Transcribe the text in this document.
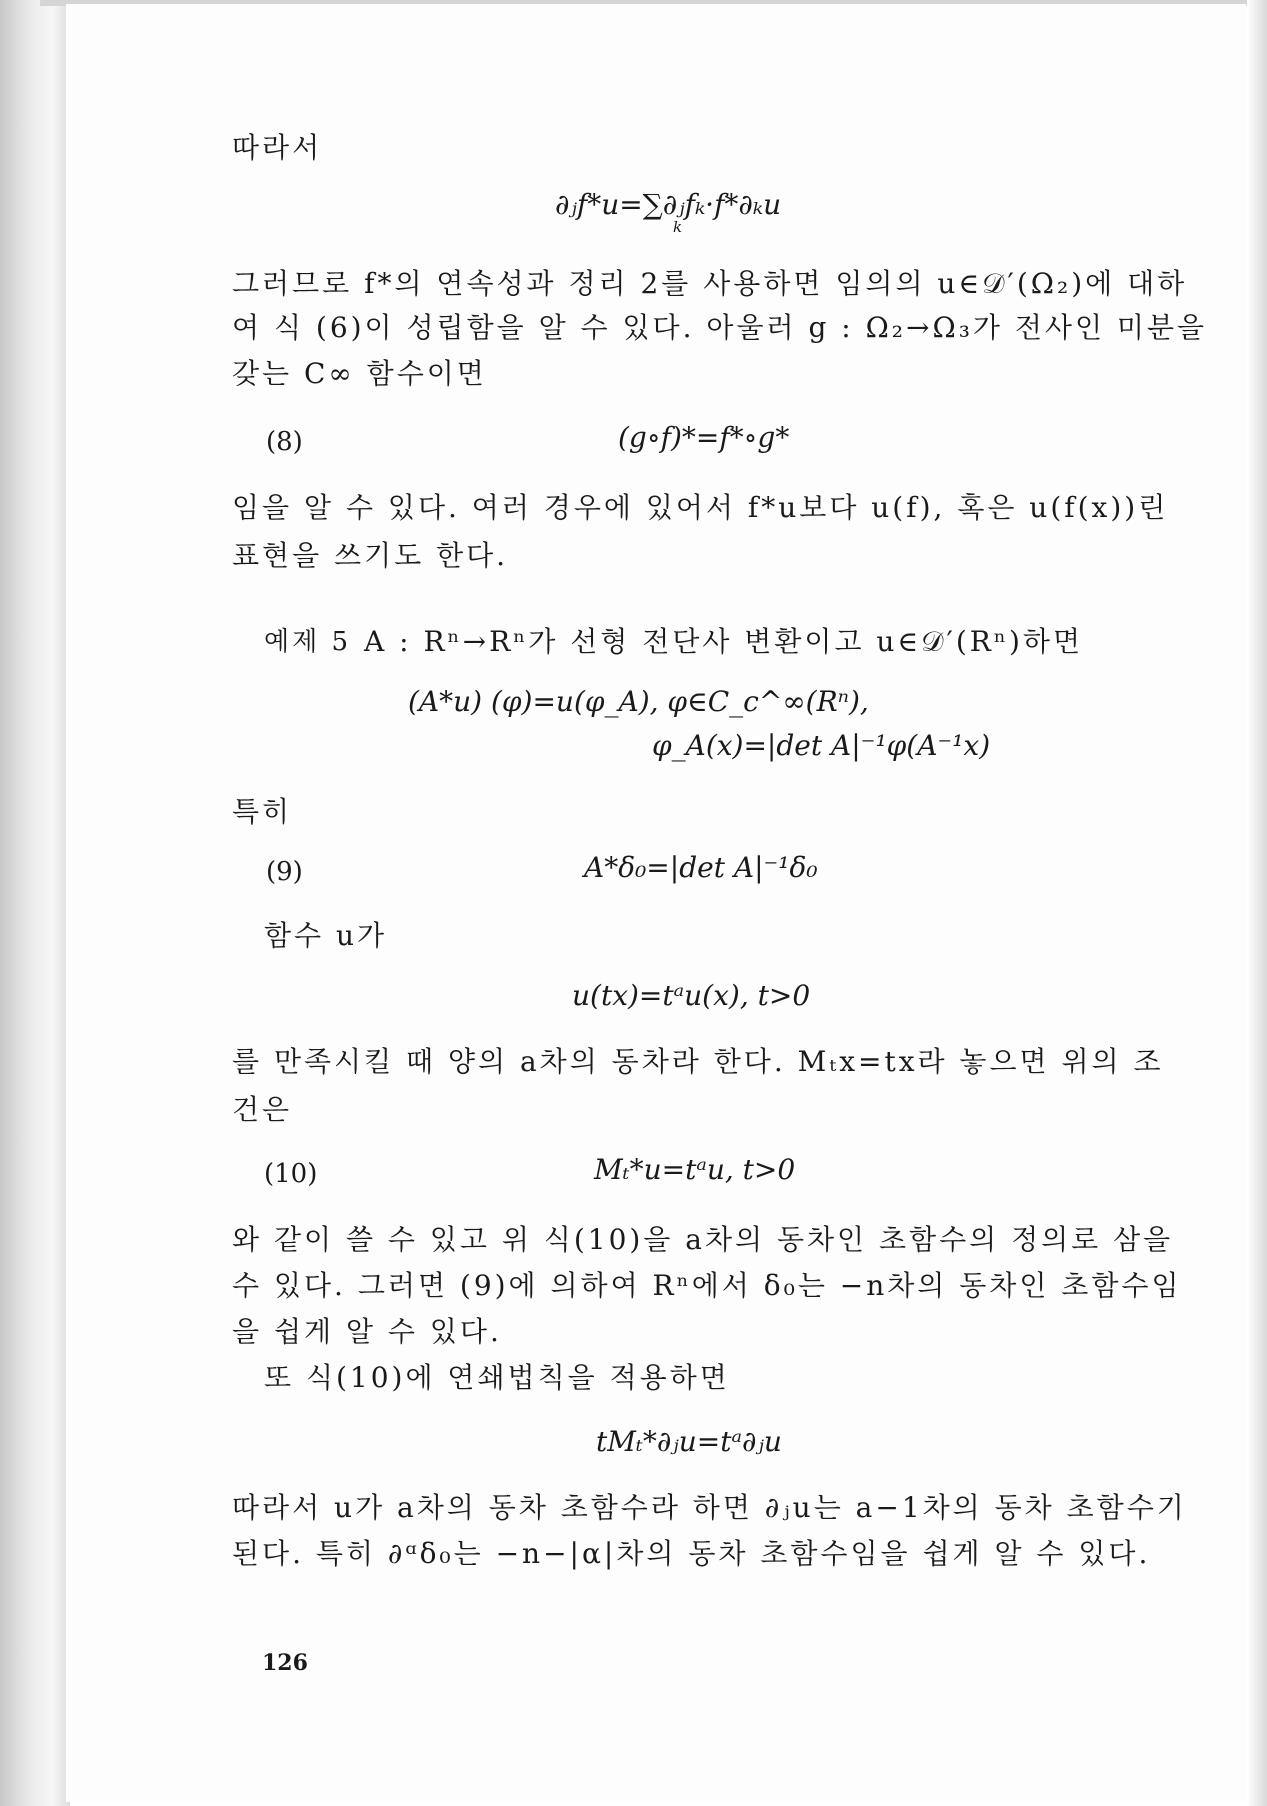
따라서
∂ⱼf*u=∑∂ⱼfₖ·f*∂ₖu
k
그러므로 f*의 연속성과 정리 2를 사용하면 임의의 u∈𝒟′(Ω₂)에 대하
여 식 (6)이 성립함을 알 수 있다. 아울러 g : Ω₂→Ω₃가 전사인 미분을
갖는 C∞ 함수이면
(8)	(g∘f)*=f*∘g*
임을 알 수 있다. 여러 경우에 있어서 f*u보다 u(f), 혹은 u(f(x))린
표현을 쓰기도 한다.
예제 5 A : Rⁿ→Rⁿ가 선형 전단사 변환이고 u∈𝒟′(Rⁿ)하면
(A*u) (φ)=u(φ_A), φ∈C_c^∞(Rⁿ),
φ_A(x)=|det A|⁻¹φ(A⁻¹x)
특히
(9)	A*δ₀=|det A|⁻¹δ₀
함수 u가
u(tx)=tᵃu(x), t>0
를 만족시킬 때 양의 a차의 동차라 한다. Mₜx=tx라 놓으면 위의 조
건은
(10)	Mₜ*u=tᵃu, t>0
와 같이 쓸 수 있고 위 식(10)을 a차의 동차인 초함수의 정의로 삼을
수 있다. 그러면 (9)에 의하여 Rⁿ에서 δ₀는 −n차의 동차인 초함수임
을 쉽게 알 수 있다.
또 식(10)에 연쇄법칙을 적용하면
tMₜ*∂ⱼu=tᵃ∂ⱼu
따라서 u가 a차의 동차 초함수라 하면 ∂ⱼu는 a−1차의 동차 초함수기
된다. 특히 ∂ᵅδ₀는 −n−|α|차의 동차 초함수임을 쉽게 알 수 있다.
126
